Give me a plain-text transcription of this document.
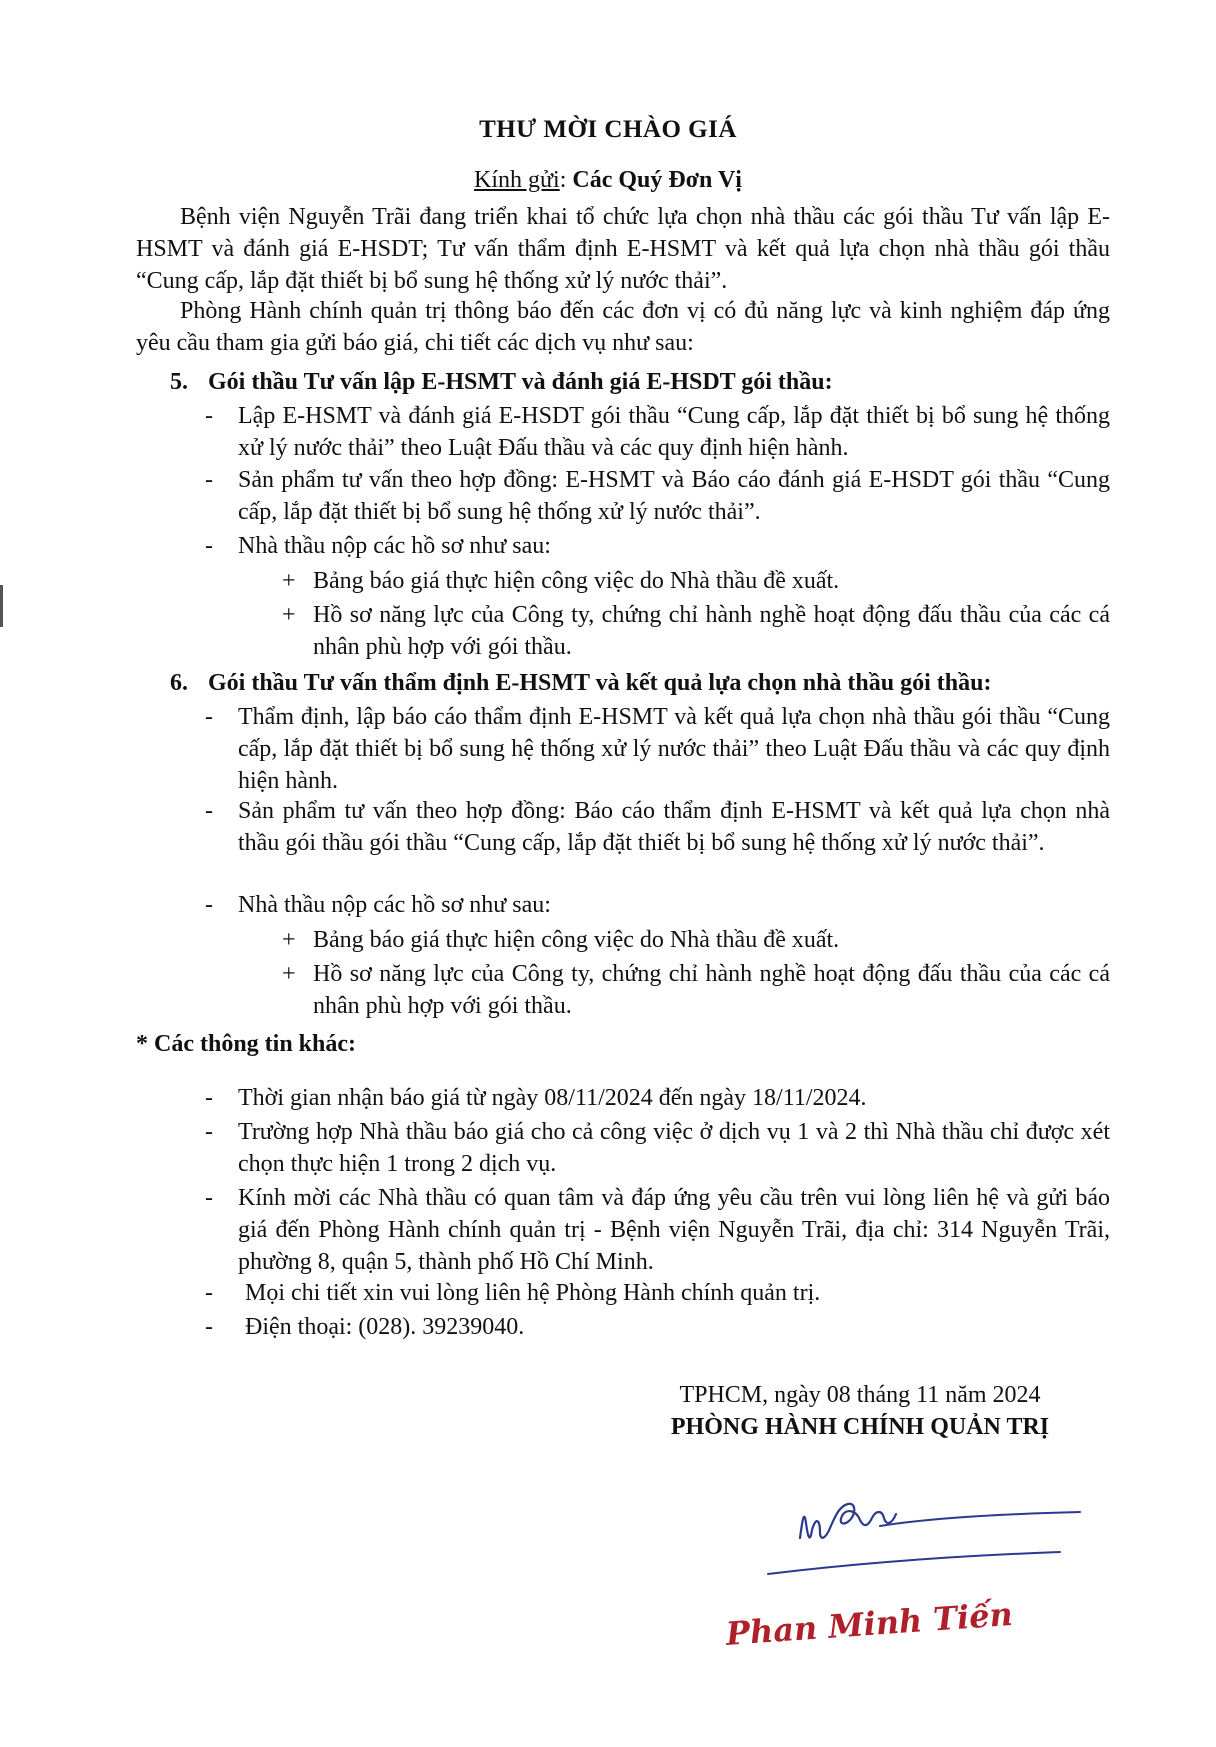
THƯ MỜI CHÀO GIÁ
Kính gửi: Các Quý Đơn Vị
Bệnh viện Nguyễn Trãi đang triển khai tổ chức lựa chọn nhà thầu các gói thầu Tư vấn lập E-HSMT và đánh giá E-HSDT; Tư vấn thẩm định E-HSMT và kết quả lựa chọn nhà thầu gói thầu “Cung cấp, lắp đặt thiết bị bổ sung hệ thống xử lý nước thải”.
Phòng Hành chính quản trị thông báo đến các đơn vị có đủ năng lực và kinh nghiệm đáp ứng yêu cầu tham gia gửi báo giá, chi tiết các dịch vụ như sau:
5. Gói thầu Tư vấn lập E-HSMT và đánh giá E-HSDT gói thầu:
- Lập E-HSMT và đánh giá E-HSDT gói thầu “Cung cấp, lắp đặt thiết bị bổ sung hệ thống xử lý nước thải” theo Luật Đấu thầu và các quy định hiện hành.
- Sản phẩm tư vấn theo hợp đồng: E-HSMT và Báo cáo đánh giá E-HSDT gói thầu “Cung cấp, lắp đặt thiết bị bổ sung hệ thống xử lý nước thải”.
- Nhà thầu nộp các hồ sơ như sau:
+ Bảng báo giá thực hiện công việc do Nhà thầu đề xuất.
+ Hồ sơ năng lực của Công ty, chứng chỉ hành nghề hoạt động đấu thầu của các cá nhân phù hợp với gói thầu.
6. Gói thầu Tư vấn thẩm định E-HSMT và kết quả lựa chọn nhà thầu gói thầu:
- Thẩm định, lập báo cáo thẩm định E-HSMT và kết quả lựa chọn nhà thầu gói thầu “Cung cấp, lắp đặt thiết bị bổ sung hệ thống xử lý nước thải” theo Luật Đấu thầu và các quy định hiện hành.
- Sản phẩm tư vấn theo hợp đồng: Báo cáo thẩm định E-HSMT và kết quả lựa chọn nhà thầu gói thầu gói thầu “Cung cấp, lắp đặt thiết bị bổ sung hệ thống xử lý nước thải”.
- Nhà thầu nộp các hồ sơ như sau:
+ Bảng báo giá thực hiện công việc do Nhà thầu đề xuất.
+ Hồ sơ năng lực của Công ty, chứng chỉ hành nghề hoạt động đấu thầu của các cá nhân phù hợp với gói thầu.
* Các thông tin khác:
- Thời gian nhận báo giá từ ngày 08/11/2024 đến ngày 18/11/2024.
- Trường hợp Nhà thầu báo giá cho cả công việc ở dịch vụ 1 và 2 thì Nhà thầu chỉ được xét chọn thực hiện 1 trong 2 dịch vụ.
- Kính mời các Nhà thầu có quan tâm và đáp ứng yêu cầu trên vui lòng liên hệ và gửi báo giá đến Phòng Hành chính quản trị - Bệnh viện Nguyễn Trãi, địa chỉ: 314 Nguyễn Trãi, phường 8, quận 5, thành phố Hồ Chí Minh.
- Mọi chi tiết xin vui lòng liên hệ Phòng Hành chính quản trị.
- Điện thoại: (028). 39239040.
TPHCM, ngày 08 tháng 11 năm 2024
PHÒNG HÀNH CHÍNH QUẢN TRỊ
Phan Minh Tiến
